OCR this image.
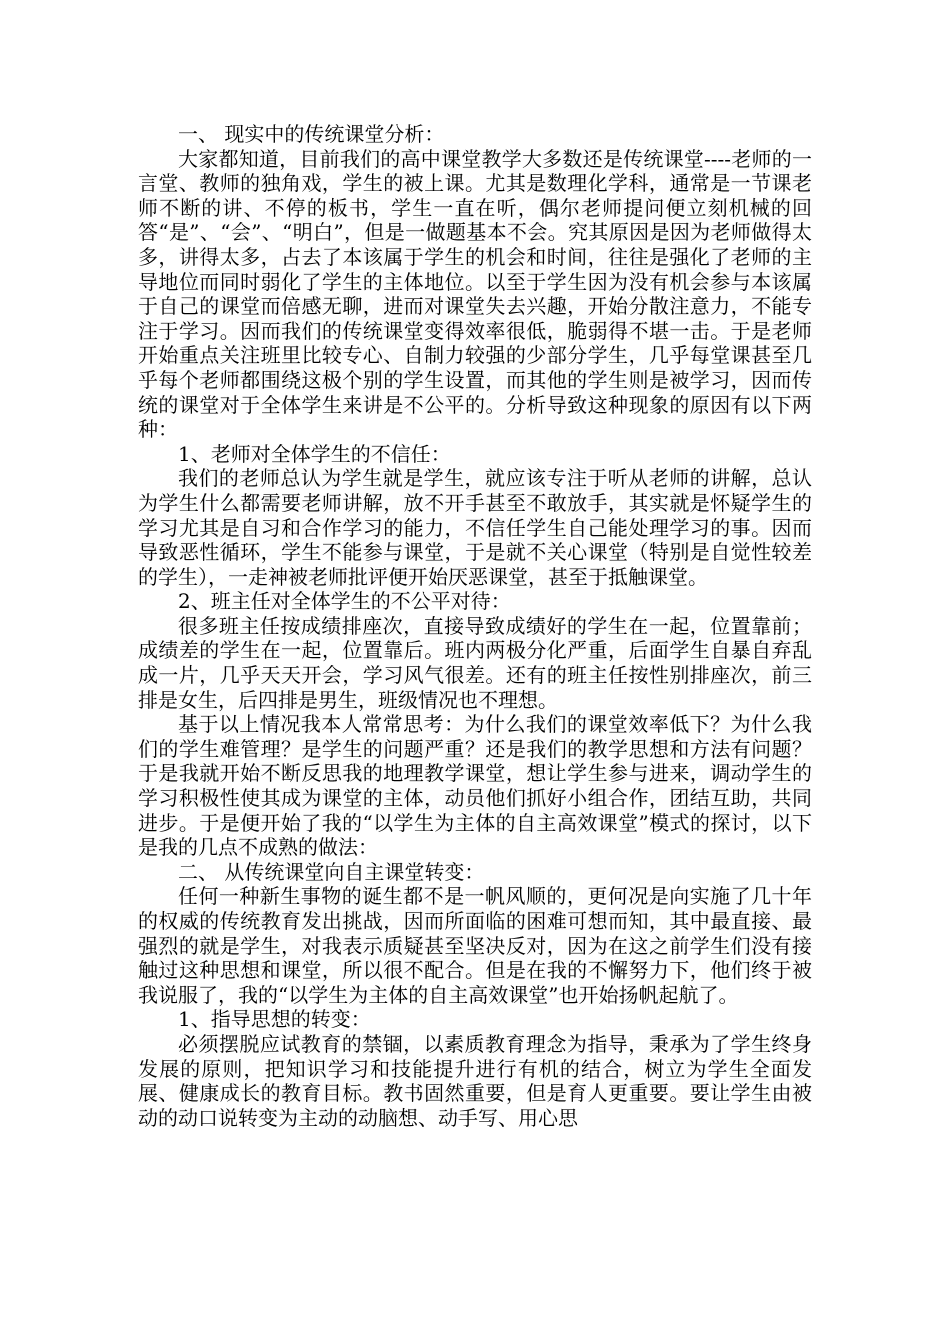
一、 现实中的传统课堂分析：

大家都知道，目前我们的高中课堂教学大多数还是传统课堂----老师的一言堂、教师的独角戏，学生的被上课。尤其是数理化学科，通常是一节课老师不断的讲、不停的板书，学生一直在听，偶尔老师提问便立刻机械的回答“是”、“会”、“明白”，但是一做题基本不会。究其原因是因为老师做得太多，讲得太多，占去了本该属于学生的机会和时间，往往是强化了老师的主导地位而同时弱化了学生的主体地位。以至于学生因为没有机会参与本该属于自己的课堂而倍感无聊，进而对课堂失去兴趣，开始分散注意力，不能专注于学习。因而我们的传统课堂变得效率很低，脆弱得不堪一击。于是老师开始重点关注班里比较专心、自制力较强的少部分学生，几乎每堂课甚至几乎每个老师都围绕这极个别的学生设置，而其他的学生则是被学习，因而传统的课堂对于全体学生来讲是不公平的。分析导致这种现象的原因有以下两种：

1、老师对全体学生的不信任：

我们的老师总认为学生就是学生，就应该专注于听从老师的讲解，总认为学生什么都需要老师讲解，放不开手甚至不敢放手，其实就是怀疑学生的学习尤其是自习和合作学习的能力，不信任学生自己能处理学习的事。因而导致恶性循环，学生不能参与课堂，于是就不关心课堂（特别是自觉性较差的学生），一走神被老师批评便开始厌恶课堂，甚至于抵触课堂。

2、班主任对全体学生的不公平对待：

很多班主任按成绩排座次，直接导致成绩好的学生在一起，位置靠前；成绩差的学生在一起，位置靠后。班内两极分化严重，后面学生自暴自弃乱成一片，几乎天天开会，学习风气很差。还有的班主任按性别排座次，前三排是女生，后四排是男生，班级情况也不理想。

基于以上情况我本人常常思考：为什么我们的课堂效率低下？为什么我们的学生难管理？是学生的问题严重？还是我们的教学思想和方法有问题？于是我就开始不断反思我的地理教学课堂，想让学生参与进来，调动学生的学习积极性使其成为课堂的主体，动员他们抓好小组合作，团结互助，共同进步。于是便开始了我的“以学生为主体的自主高效课堂”模式的探讨，以下是我的几点不成熟的做法：

二、 从传统课堂向自主课堂转变：

任何一种新生事物的诞生都不是一帆风顺的，更何况是向实施了几十年的权威的传统教育发出挑战，因而所面临的困难可想而知，其中最直接、最强烈的就是学生，对我表示质疑甚至坚决反对，因为在这之前学生们没有接触过这种思想和课堂，所以很不配合。但是在我的不懈努力下，他们终于被我说服了，我的“以学生为主体的自主高效课堂”也开始扬帆起航了。

1、指导思想的转变：

必须摆脱应试教育的禁锢，以素质教育理念为指导，秉承为了学生终身发展的原则，把知识学习和技能提升进行有机的结合，树立为学生全面发展、健康成长的教育目标。教书固然重要，但是育人更重要。要让学生由被动的动口说转变为主动的动脑想、动手写、用心思
